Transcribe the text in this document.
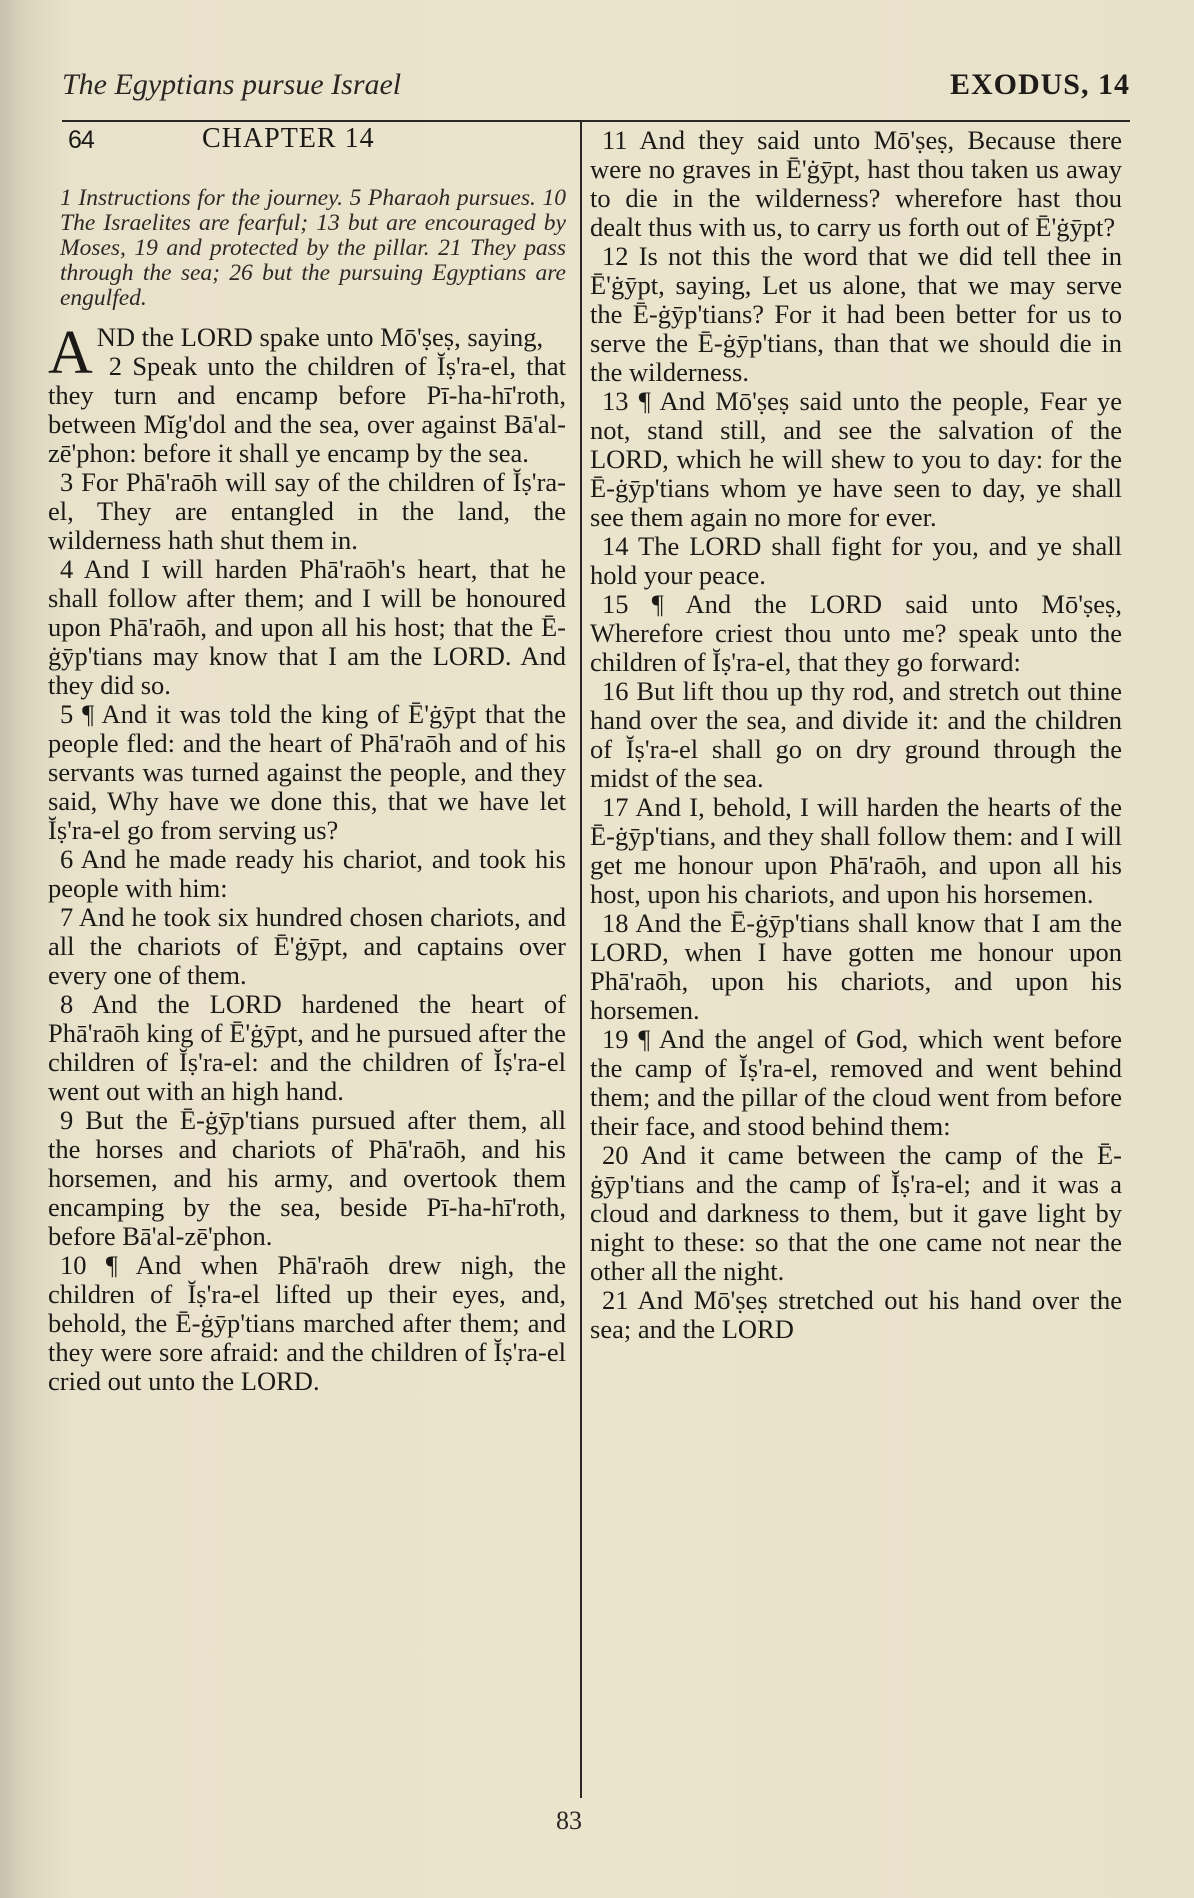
The Egyptians pursue Israel	EXODUS, 14
64	CHAPTER 14

1 Instructions for the journey. 5 Pharaoh pursues. 10 The Israelites are fearful; 13 but are encouraged by Moses, 19 and protected by the pillar. 21 They pass through the sea; 26 but the pursuing Egyptians are engulfed.

AND the LORD spake unto Mō'ṣeṣ, saying,

2 Speak unto the children of Ĭṣ'ra-el, that they turn and encamp before Pī-ha-hī'roth, between Mĭg'dol and the sea, over against Bā'al-zē'phon: before it shall ye encamp by the sea.

3 For Phā'raōh will say of the children of Ĭṣ'ra-el, They are entangled in the land, the wilderness hath shut them in.

4 And I will harden Phā'raōh's heart, that he shall follow after them; and I will be honoured upon Phā'raōh, and upon all his host; that the Ē-ġȳp'tians may know that I am the LORD. And they did so.

5 ¶ And it was told the king of Ē'ġȳpt that the people fled: and the heart of Phā'raōh and of his servants was turned against the people, and they said, Why have we done this, that we have let Ĭṣ'ra-el go from serving us?

6 And he made ready his chariot, and took his people with him:

7 And he took six hundred chosen chariots, and all the chariots of Ē'ġȳpt, and captains over every one of them.

8 And the LORD hardened the heart of Phā'raōh king of Ē'ġȳpt, and he pursued after the children of Ĭṣ'ra-el: and the children of Ĭṣ'ra-el went out with an high hand.

9 But the Ē-ġȳp'tians pursued after them, all the horses and chariots of Phā'raōh, and his horsemen, and his army, and overtook them encamping by the sea, beside Pī-ha-hī'roth, before Bā'al-zē'phon.

10 ¶ And when Phā'raōh drew nigh, the children of Ĭṣ'ra-el lifted up their eyes, and, behold, the Ē-ġȳp'tians marched after them; and they were sore afraid: and the children of Ĭṣ'ra-el cried out unto the LORD.

11 And they said unto Mō'ṣeṣ, Because there were no graves in Ē'ġȳpt, hast thou taken us away to die in the wilderness? wherefore hast thou dealt thus with us, to carry us forth out of Ē'ġȳpt?

12 Is not this the word that we did tell thee in Ē'ġȳpt, saying, Let us alone, that we may serve the Ē-ġȳp'tians? For it had been better for us to serve the Ē-ġȳp'tians, than that we should die in the wilderness.

13 ¶ And Mō'ṣeṣ said unto the people, Fear ye not, stand still, and see the salvation of the LORD, which he will shew to you to day: for the Ē-ġȳp'tians whom ye have seen to day, ye shall see them again no more for ever.

14 The LORD shall fight for you, and ye shall hold your peace.

15 ¶ And the LORD said unto Mō'ṣeṣ, Wherefore criest thou unto me? speak unto the children of Ĭṣ'ra-el, that they go forward:

16 But lift thou up thy rod, and stretch out thine hand over the sea, and divide it: and the children of Ĭṣ'ra-el shall go on dry ground through the midst of the sea.

17 And I, behold, I will harden the hearts of the Ē-ġȳp'tians, and they shall follow them: and I will get me honour upon Phā'raōh, and upon all his host, upon his chariots, and upon his horsemen.

18 And the Ē-ġȳp'tians shall know that I am the LORD, when I have gotten me honour upon Phā'raōh, upon his chariots, and upon his horsemen.

19 ¶ And the angel of God, which went before the camp of Ĭṣ'ra-el, removed and went behind them; and the pillar of the cloud went from before their face, and stood behind them:

20 And it came between the camp of the Ē-ġȳp'tians and the camp of Ĭṣ'ra-el; and it was a cloud and darkness to them, but it gave light by night to these: so that the one came not near the other all the night.

21 And Mō'ṣeṣ stretched out his hand over the sea; and the LORD

83
